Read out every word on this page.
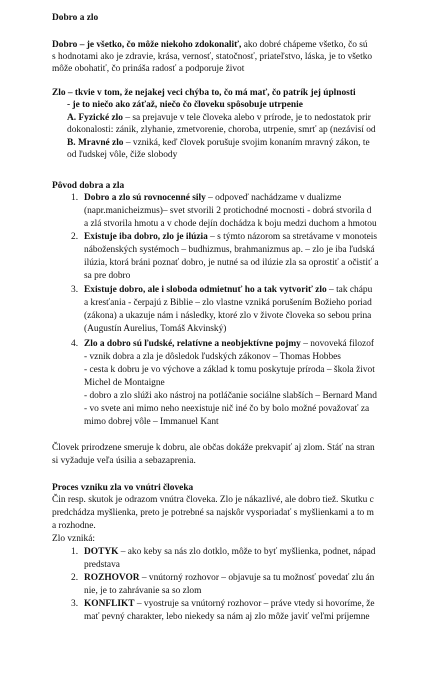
Dobro a zlo
Dobro – je všetko, čo môže niekoho zdokonaliť, ako dobré chápeme všetko, čo sú
s hodnotami ako je zdravie, krása, vernosť, statočnosť, priateľstvo, láska, je to všetko
môže obohatiť, čo prináša radosť a podporuje život
Zlo – tkvie v tom, že nejakej veci chýba to, čo má mať, čo patrík jej úplnosti
- je to niečo ako záťaž, niečo čo človeku spôsobuje utrpenie
A. Fyzické zlo – sa prejavuje v tele človeka alebo v prírode, je to nedostatok prir
dokonalosti: zánik, zlyhanie, zmetvorenie, choroba, utrpenie, smrť ap (nezávisí od
B. Mravné zlo – vzniká, keď človek porušuje svojim konaním mravný zákon, te
od ľudskej vôle, čiže slobody
Pôvod dobra a zla
1. Dobro a zlo sú rovnocenné sily – odpoveď nachádzame v dualizme
(napr.manicheizmus)– svet stvorili 2 protichodné mocnosti - dobrá stvorila d
a zlá stvorila hmotu a v chode dejín dochádza k boju medzi duchom a hmotou
2. Existuje iba dobro, zlo je ilúzia – s týmto názorom sa stretávame v monoteis
náboženských systémoch – budhizmus, brahmanizmus ap. – zlo je iba ľudská
ilúzia, ktorá bráni poznať dobro, je nutné sa od ilúzie zla sa oprostiť a očistiť a
sa pre dobro
3. Existuje dobro, ale i sloboda odmietnuť ho a tak vytvoriť zlo – tak chápu
a kresťania - čerpajú z Biblie – zlo vlastne vzniká porušením Božieho poriad
(zákona) a ukazuje nám i následky, ktoré zlo v živote človeka so sebou prina
(Augustín Aurelius, Tomáš Akvinský)
4. Zlo a dobro sú ľudské, relatívne a neobjektívne pojmy – novoveká filozof
- vznik dobra a zla je dôsledok ľudských zákonov – Thomas Hobbes
- cesta k dobru je vo výchove a základ k tomu poskytuje príroda – škola život
Michel de Montaigne
- dobro a zlo slúži ako nástroj na potláčanie sociálne slabších – Bernard Mand
- vo svete ani mimo neho neexistuje nič iné čo by bolo možné považovať za
mimo dobrej vôle – Immanuel Kant
Človek prirodzene smeruje k dobru, ale občas dokáže prekvapiť aj zlom. Stáť na stran
si vyžaduje veľa úsilia a sebazaprenia.
Proces vzniku zla vo vnútri človeka
Čin resp. skutok je odrazom vnútra človeka. Zlo je nákazlivé, ale dobro tiež. Skutku c
predchádza myšlienka, preto je potrebné sa najskôr vysporiadať s myšlienkami a to m
a rozhodne.
Zlo vzniká:
1. DOTYK – ako keby sa nás zlo dotklo, môže to byť myšlienka, podnet, nápad
predstava
2. ROZHOVOR – vnútorný rozhovor – objavuje sa tu možnosť povedať zlu án
nie, je to zahrávanie sa so zlom
3. KONFLIKT – vyostruje sa vnútorný rozhovor – práve vtedy si hovoríme, že
mať pevný charakter, lebo niekedy sa nám aj zlo môže javiť veľmi príjemne
